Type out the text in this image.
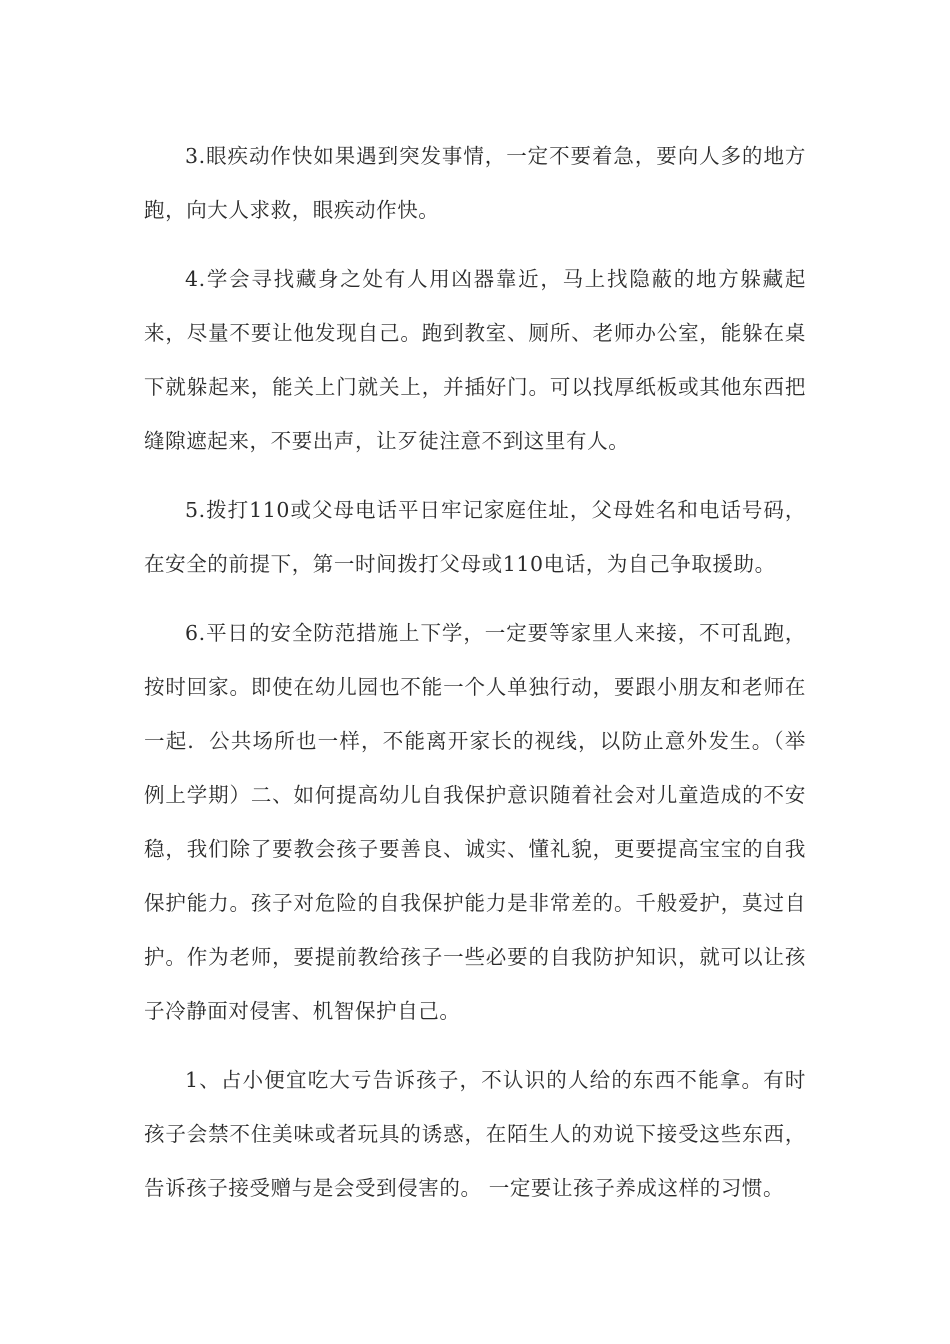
3.眼疾动作快如果遇到突发事情，一定不要着急，要向人多的地方跑，向大人求救，眼疾动作快。

4.学会寻找藏身之处有人用凶器靠近，马上找隐蔽的地方躲藏起来，尽量不要让他发现自己。跑到教室、厕所、老师办公室，能躲在桌下就躲起来，能关上门就关上，并插好门。可以找厚纸板或其他东西把缝隙遮起来，不要出声，让歹徒注意不到这里有人。

5.拨打110或父母电话平日牢记家庭住址，父母姓名和电话号码，在安全的前提下，第一时间拨打父母或110电话，为自己争取援助。

6.平日的安全防范措施上下学，一定要等家里人来接，不可乱跑，按时回家。即使在幼儿园也不能一个人单独行动，要跟小朋友和老师在一起．公共场所也一样，不能离开家长的视线，以防止意外发生。（举例上学期）二、如何提高幼儿自我保护意识随着社会对儿童造成的不安稳，我们除了要教会孩子要善良、诚实、懂礼貌，更要提高宝宝的自我保护能力。孩子对危险的自我保护能力是非常差的。千般爱护，莫过自护。作为老师，要提前教给孩子一些必要的自我防护知识，就可以让孩子冷静面对侵害、机智保护自己。

1、占小便宜吃大亏告诉孩子，不认识的人给的东西不能拿。有时孩子会禁不住美味或者玩具的诱惑，在陌生人的劝说下接受这些东西，告诉孩子接受赠与是会受到侵害的。 一定要让孩子养成这样的习惯。
